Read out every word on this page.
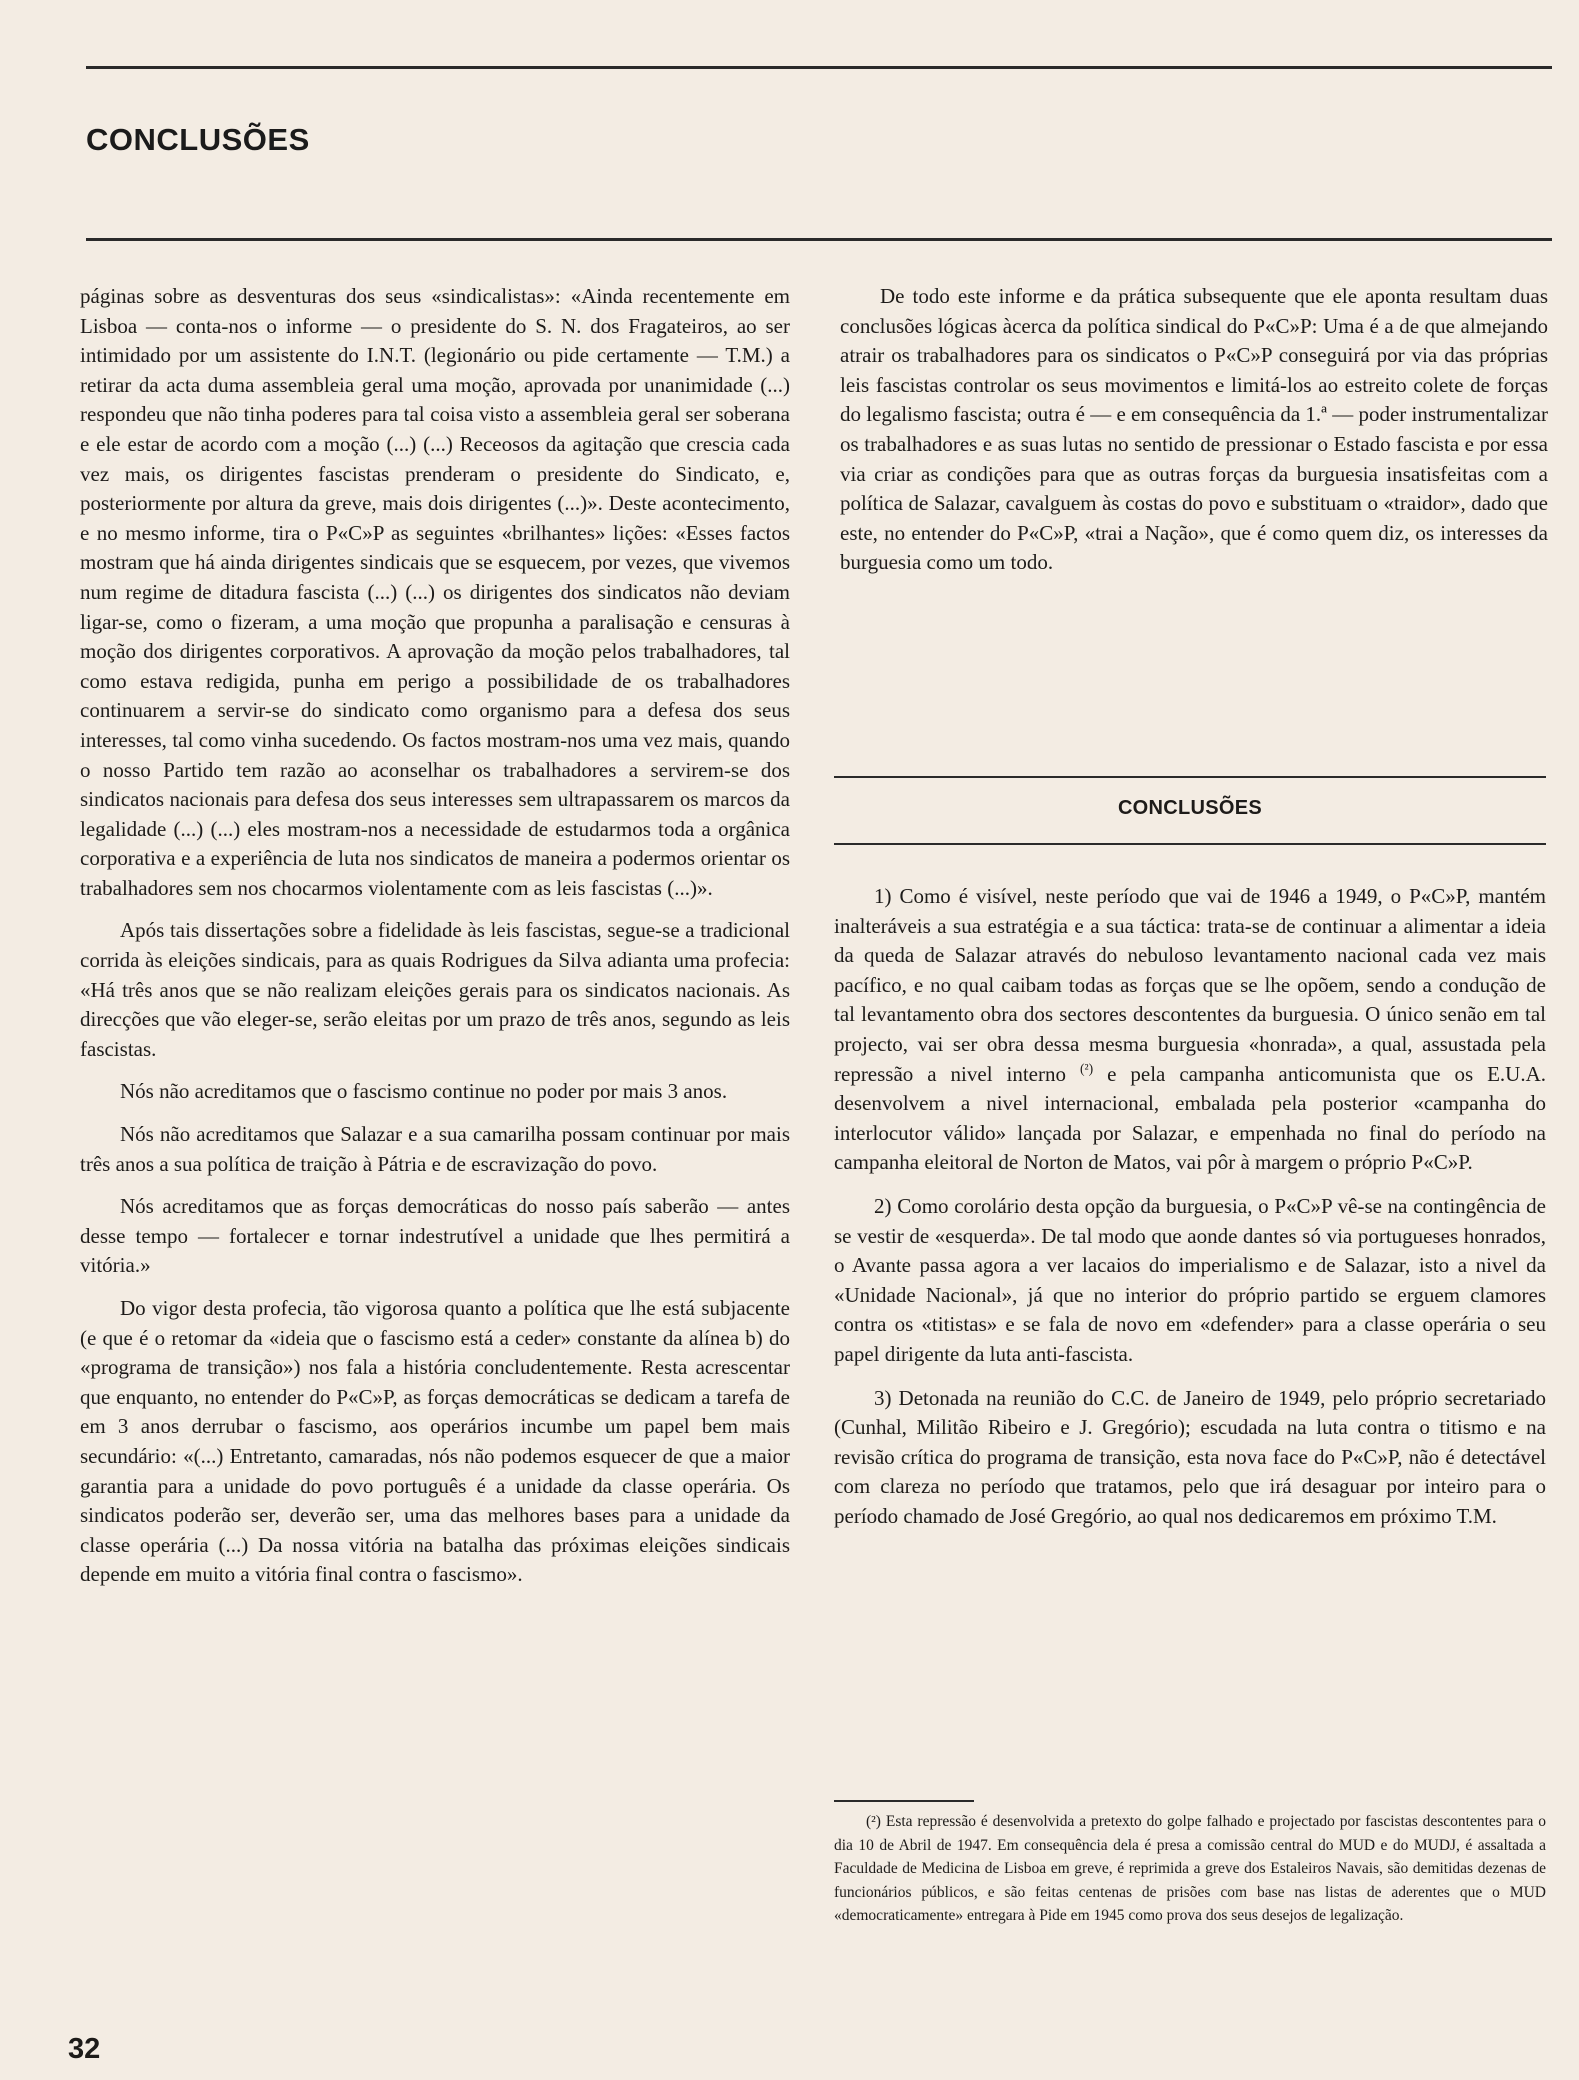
CONCLUSÕES

páginas sobre as desventuras dos seus «sindicalistas»: «Ainda recentemente em Lisboa — conta-nos o informe — o presidente do S. N. dos Fragateiros, ao ser intimidado por um assistente do I.N.T. (legionário ou pide certamente — T.M.) a retirar da acta duma assembleia geral uma moção, aprovada por unanimidade (...) respondeu que não tinha poderes para tal coisa visto a assembleia geral ser soberana e ele estar de acordo com a moção (...) (...) Receosos da agitação que crescia cada vez mais, os dirigentes fascistas prenderam o presidente do Sindicato, e, posteriormente por altura da greve, mais dois dirigentes (...)». Deste acontecimento, e no mesmo informe, tira o P«C»P as seguintes «brilhantes» lições: «Esses factos mostram que há ainda dirigentes sindicais que se esquecem, por vezes, que vivemos num regime de ditadura fascista (...) (...) os dirigentes dos sindicatos não deviam ligar-se, como o fizeram, a uma moção que propunha a paralisação e censuras à moção dos dirigentes corporativos. A aprovação da moção pelos trabalhadores, tal como estava redigida, punha em perigo a possibilidade de os trabalhadores continuarem a servir-se do sindicato como organismo para a defesa dos seus interesses, tal como vinha sucedendo. Os factos mostram-nos uma vez mais, quando o nosso Partido tem razão ao aconselhar os trabalhadores a servirem-se dos sindicatos nacionais para defesa dos seus interesses sem ultrapassarem os marcos da legalidade (...) (...) eles mostram-nos a necessidade de estudarmos toda a orgânica corporativa e a experiência de luta nos sindicatos de maneira a podermos orientar os trabalhadores sem nos chocarmos violentamente com as leis fascistas (...)».

Após tais dissertações sobre a fidelidade às leis fascistas, segue-se a tradicional corrida às eleições sindicais, para as quais Rodrigues da Silva adianta uma profecia: «Há três anos que se não realizam eleições gerais para os sindicatos nacionais. As direcções que vão eleger-se, serão eleitas por um prazo de três anos, segundo as leis fascistas.

Nós não acreditamos que o fascismo continue no poder por mais 3 anos.

Nós não acreditamos que Salazar e a sua camarilha possam continuar por mais três anos a sua política de traição à Pátria e de escravização do povo.

Nós acreditamos que as forças democráticas do nosso país saberão — antes desse tempo — fortalecer e tornar indestrutível a unidade que lhes permitirá a vitória.»

Do vigor desta profecia, tão vigorosa quanto a política que lhe está subjacente (e que é o retomar da «ideia que o fascismo está a ceder» constante da alínea b) do «programa de transição») nos fala a história concludentemente. Resta acrescentar que enquanto, no entender do P«C»P, as forças democráticas se dedicam a tarefa de em 3 anos derrubar o fascismo, aos operários incumbe um papel bem mais secundário: «(...) Entretanto, camaradas, nós não podemos esquecer de que a maior garantia para a unidade do povo português é a unidade da classe operária. Os sindicatos poderão ser, deverão ser, uma das melhores bases para a unidade da classe operária (...) Da nossa vitória na batalha das próximas eleições sindicais depende em muito a vitória final contra o fascismo».

De todo este informe e da prática subsequente que ele aponta resultam duas conclusões lógicas àcerca da política sindical do P«C»P: Uma é a de que almejando atrair os trabalhadores para os sindicatos o P«C»P conseguirá por via das próprias leis fascistas controlar os seus movimentos e limitá-los ao estreito colete de forças do legalismo fascista; outra é — e em consequência da 1.ª — poder instrumentalizar os trabalhadores e as suas lutas no sentido de pressionar o Estado fascista e por essa via criar as condições para que as outras forças da burguesia insatisfeitas com a política de Salazar, cavalguem às costas do povo e substituam o «traidor», dado que este, no entender do P«C»P, «trai a Nação», que é como quem diz, os interesses da burguesia como um todo.

CONCLUSÕES

1) Como é visível, neste período que vai de 1946 a 1949, o P«C»P, mantém inalteráveis a sua estratégia e a sua táctica: trata-se de continuar a alimentar a ideia da queda de Salazar através do nebuloso levantamento nacional cada vez mais pacífico, e no qual caibam todas as forças que se lhe opõem, sendo a condução de tal levantamento obra dos sectores descontentes da burguesia. O único senão em tal projecto, vai ser obra dessa mesma burguesia «honrada», a qual, assustada pela repressão a nivel interno $^{(^2)}$ e pela campanha anticomunista que os E.U.A. desenvolvem a nivel internacional, embalada pela posterior «campanha do interlocutor válido» lançada por Salazar, e empenhada no final do período na campanha eleitoral de Norton de Matos, vai pôr à margem o próprio P«C»P.

2) Como corolário desta opção da burguesia, o P«C»P vê-se na contingência de se vestir de «esquerda». De tal modo que aonde dantes só via portugueses honrados, o Avante passa agora a ver lacaios do imperialismo e de Salazar, isto a nivel da «Unidade Nacional», já que no interior do próprio partido se erguem clamores contra os «titistas» e se fala de novo em «defender» para a classe operária o seu papel dirigente da luta anti-fascista.

3) Detonada na reunião do C.C. de Janeiro de 1949, pelo próprio secretariado (Cunhal, Militão Ribeiro e J. Gregório); escudada na luta contra o titismo e na revisão crítica do programa de transição, esta nova face do P«C»P, não é detectável com clareza no período que tratamos, pelo que irá desaguar por inteiro para o período chamado de José Gregório, ao qual nos dedicaremos em próximo T.M.

(²) Esta repressão é desenvolvida a pretexto do golpe falhado e projectado por fascistas descontentes para o dia 10 de Abril de 1947. Em consequência dela é presa a comissão central do MUD e do MUDJ, é assaltada a Faculdade de Medicina de Lisboa em greve, é reprimida a greve dos Estaleiros Navais, são demitidas dezenas de funcionários públicos, e são feitas centenas de prisões com base nas listas de aderentes que o MUD «democraticamente» entregara à Pide em 1945 como prova dos seus desejos de legalização.

32
